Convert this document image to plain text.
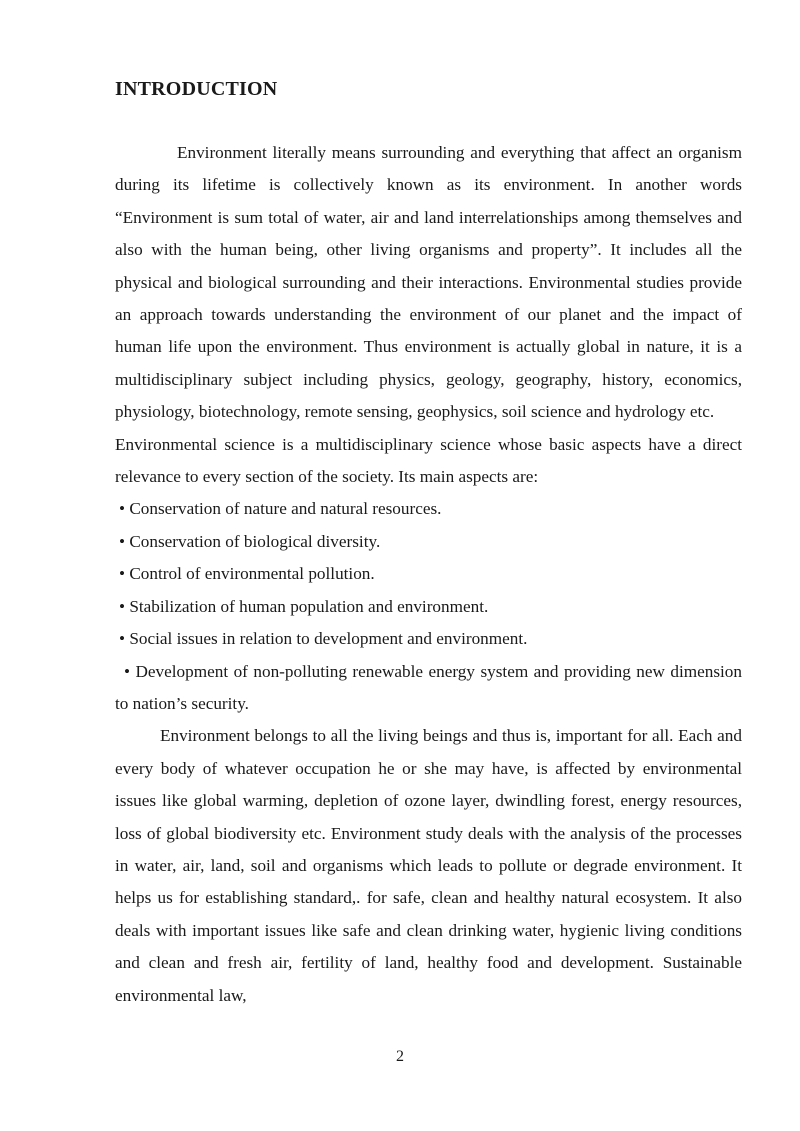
INTRODUCTION

Environment literally means surrounding and everything that affect an organism during its lifetime is collectively known as its environment. In another words “Environment is sum total of water, air and land interrelationships among themselves and also with the human being, other living organisms and property”. It includes all the physical and biological surrounding and their interactions. Environmental studies provide an approach towards understanding the environment of our planet and the impact of human life upon the environment. Thus environment is actually global in nature, it is a multidisciplinary subject including physics, geology, geography, history, economics, physiology, biotechnology, remote sensing, geophysics, soil science and hydrology etc.

Environmental science is a multidisciplinary science whose basic aspects have a direct relevance to every section of the society. Its main aspects are:

• Conservation of nature and natural resources.
• Conservation of biological diversity.
• Control of environmental pollution.
• Stabilization of human population and environment.
• Social issues in relation to development and environment.
• Development of non-polluting renewable energy system and providing new dimension to nation’s security.

Environment belongs to all the living beings and thus is, important for all. Each and every body of whatever occupation he or she may have, is affected by environmental issues like global warming, depletion of ozone layer, dwindling forest, energy resources, loss of global biodiversity etc. Environment study deals with the analysis of the processes in water, air, land, soil and organisms which leads to pollute or degrade environment. It helps us for establishing standard,. for safe, clean and healthy natural ecosystem. It also deals with important issues like safe and clean drinking water, hygienic living conditions and clean and fresh air, fertility of land, healthy food and development. Sustainable environmental law,

2
